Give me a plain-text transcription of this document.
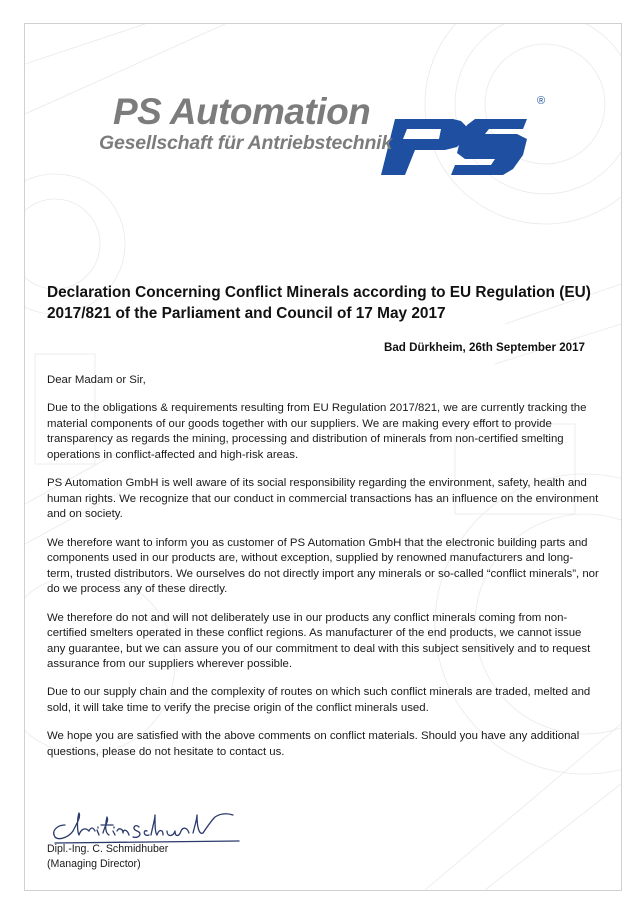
PS Automation
Gesellschaft für Antriebstechnik
®
Declaration Concerning Conflict Minerals according to EU Regulation (EU) 2017/821 of the Parliament and Council of 17 May 2017
Bad Dürkheim, 26th September 2017

Dear Madam or Sir,

Due to the obligations & requirements resulting from EU Regulation 2017/821, we are currently tracking the material components of our goods together with our suppliers. We are making every effort to provide transparency as regards the mining, processing and distribution of minerals from non-certified smelting operations in conflict-affected and high-risk areas.

PS Automation GmbH is well aware of its social responsibility regarding the environment, safety, health and human rights. We recognize that our conduct in commercial transactions has an influence on the environment and on society.

We therefore want to inform you as customer of PS Automation GmbH that the electronic building parts and components used in our products are, without exception, supplied by renowned manufacturers and long-term, trusted distributors. We ourselves do not directly import any minerals or so-called “conflict minerals”, nor do we process any of these directly.

We therefore do not and will not deliberately use in our products any conflict minerals coming from non-certified smelters operated in these conflict regions. As manufacturer of the end products, we cannot issue any guarantee, but we can assure you of our commitment to deal with this subject sensitively and to request assurance from our suppliers wherever possible.

Due to our supply chain and the complexity of routes on which such conflict minerals are traded, melted and sold, it will take time to verify the precise origin of the conflict minerals used.

We hope you are satisfied with the above comments on conflict materials. Should you have any additional questions, please do not hesitate to contact us.

Dipl.-Ing. C. Schmidhuber
(Managing Director)
